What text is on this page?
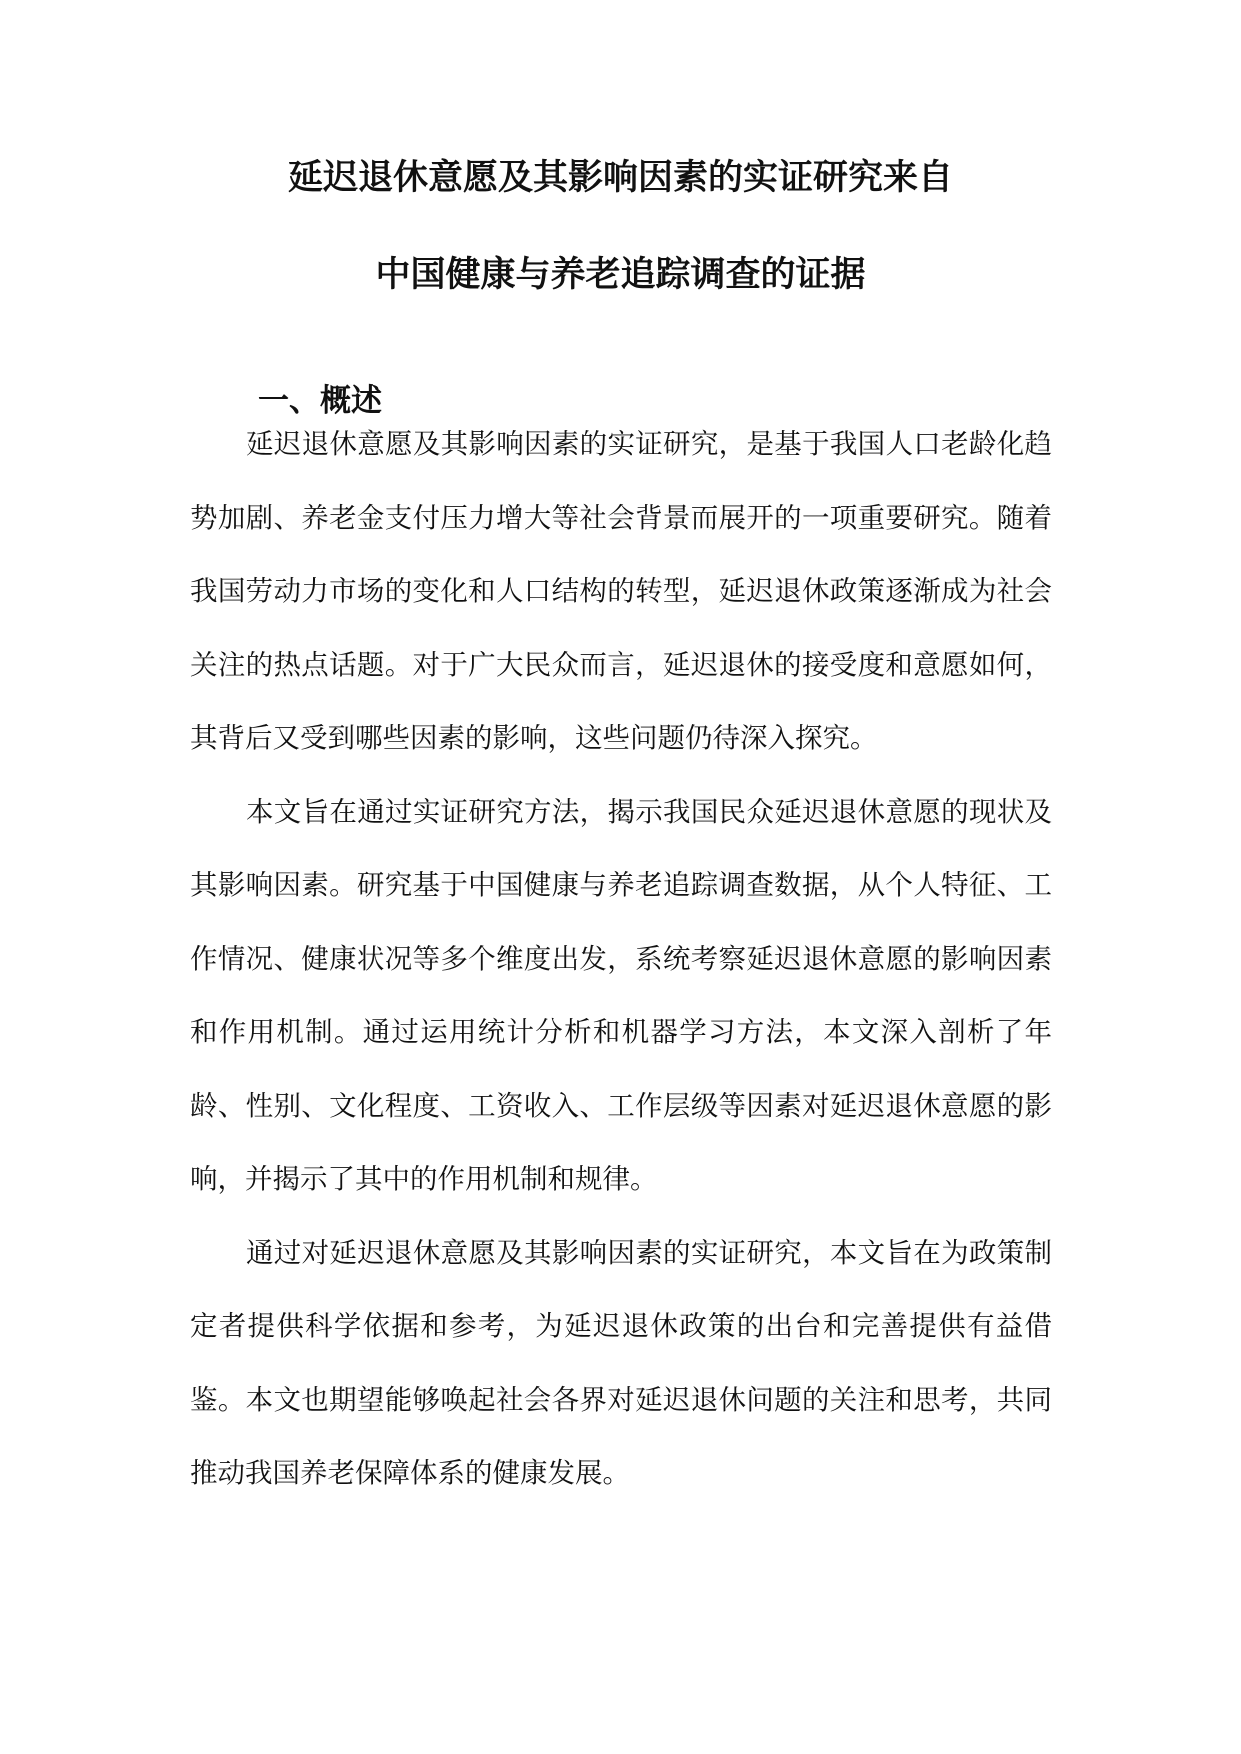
延迟退休意愿及其影响因素的实证研究来自
中国健康与养老追踪调查的证据
一、概述

延迟退休意愿及其影响因素的实证研究，是基于我国人口老龄化趋势加剧、养老金支付压力增大等社会背景而展开的一项重要研究。随着我国劳动力市场的变化和人口结构的转型，延迟退休政策逐渐成为社会关注的热点话题。对于广大民众而言，延迟退休的接受度和意愿如何，其背后又受到哪些因素的影响，这些问题仍待深入探究。

本文旨在通过实证研究方法，揭示我国民众延迟退休意愿的现状及其影响因素。研究基于中国健康与养老追踪调查数据，从个人特征、工作情况、健康状况等多个维度出发，系统考察延迟退休意愿的影响因素和作用机制。通过运用统计分析和机器学习方法，本文深入剖析了年龄、性别、文化程度、工资收入、工作层级等因素对延迟退休意愿的影响，并揭示了其中的作用机制和规律。

通过对延迟退休意愿及其影响因素的实证研究，本文旨在为政策制定者提供科学依据和参考，为延迟退休政策的出台和完善提供有益借鉴。本文也期望能够唤起社会各界对延迟退休问题的关注和思考，共同推动我国养老保障体系的健康发展。
